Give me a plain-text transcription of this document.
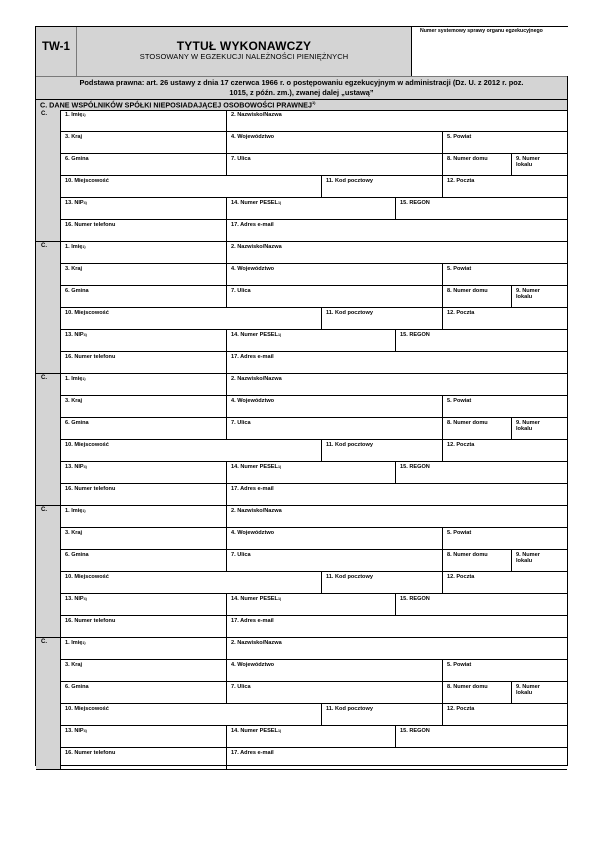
TW-1	TYTUŁ WYKONAWCZY
STOSOWANY W EGZEKUCJI NALEŻNOŚCI PIENIĘŻNYCH
Numer systemowy sprawy organu egzekucyjnego
Podstawa prawna: art. 26 ustawy z dnia 17 czerwca 1966 r. o postępowaniu egzekucyjnym w administracji (Dz. U. z 2012 r. poz.
1015, z późn. zm.), zwanej dalej „ustawą”
C. DANE WSPÓLNIKÓW SPÓŁKI NIEPOSIADAJĄCEJ OSOBOWOŚCI PRAWNEJ$^{1)}$
C.	1. Imię$^{1)}$	2. Nazwisko/Nazwa
3. Kraj	4. Województwo	5. Powiat
6. Gmina	7. Ulica	8. Numer domu	9. Numer lokalu
10. Miejscowość	11. Kod pocztowy	12. Poczta
13. NIP$^{4)}$	14. Numer PESEL$^{1)}$	15. REGON
16. Numer telefonu	17. Adres e-mail
C.	1. Imię$^{1)}$	2. Nazwisko/Nazwa
3. Kraj	4. Województwo	5. Powiat
6. Gmina	7. Ulica	8. Numer domu	9. Numer lokalu
10. Miejscowość	11. Kod pocztowy	12. Poczta
13. NIP$^{4)}$	14. Numer PESEL$^{1)}$	15. REGON
16. Numer telefonu	17. Adres e-mail
C.	1. Imię$^{1)}$	2. Nazwisko/Nazwa
3. Kraj	4. Województwo	5. Powiat
6. Gmina	7. Ulica	8. Numer domu	9. Numer lokalu
10. Miejscowość	11. Kod pocztowy	12. Poczta
13. NIP$^{4)}$	14. Numer PESEL$^{1)}$	15. REGON
16. Numer telefonu	17. Adres e-mail
C.	1. Imię$^{1)}$	2. Nazwisko/Nazwa
3. Kraj	4. Województwo	5. Powiat
6. Gmina	7. Ulica	8. Numer domu	9. Numer lokalu
10. Miejscowość	11. Kod pocztowy	12. Poczta
13. NIP$^{4)}$	14. Numer PESEL$^{1)}$	15. REGON
16. Numer telefonu	17. Adres e-mail
C.	1. Imię$^{1)}$	2. Nazwisko/Nazwa
3. Kraj	4. Województwo	5. Powiat
6. Gmina	7. Ulica	8. Numer domu	9. Numer lokalu
10. Miejscowość	11. Kod pocztowy	12. Poczta
13. NIP$^{4)}$	14. Numer PESEL$^{1)}$	15. REGON
16. Numer telefonu	17. Adres e-mail
